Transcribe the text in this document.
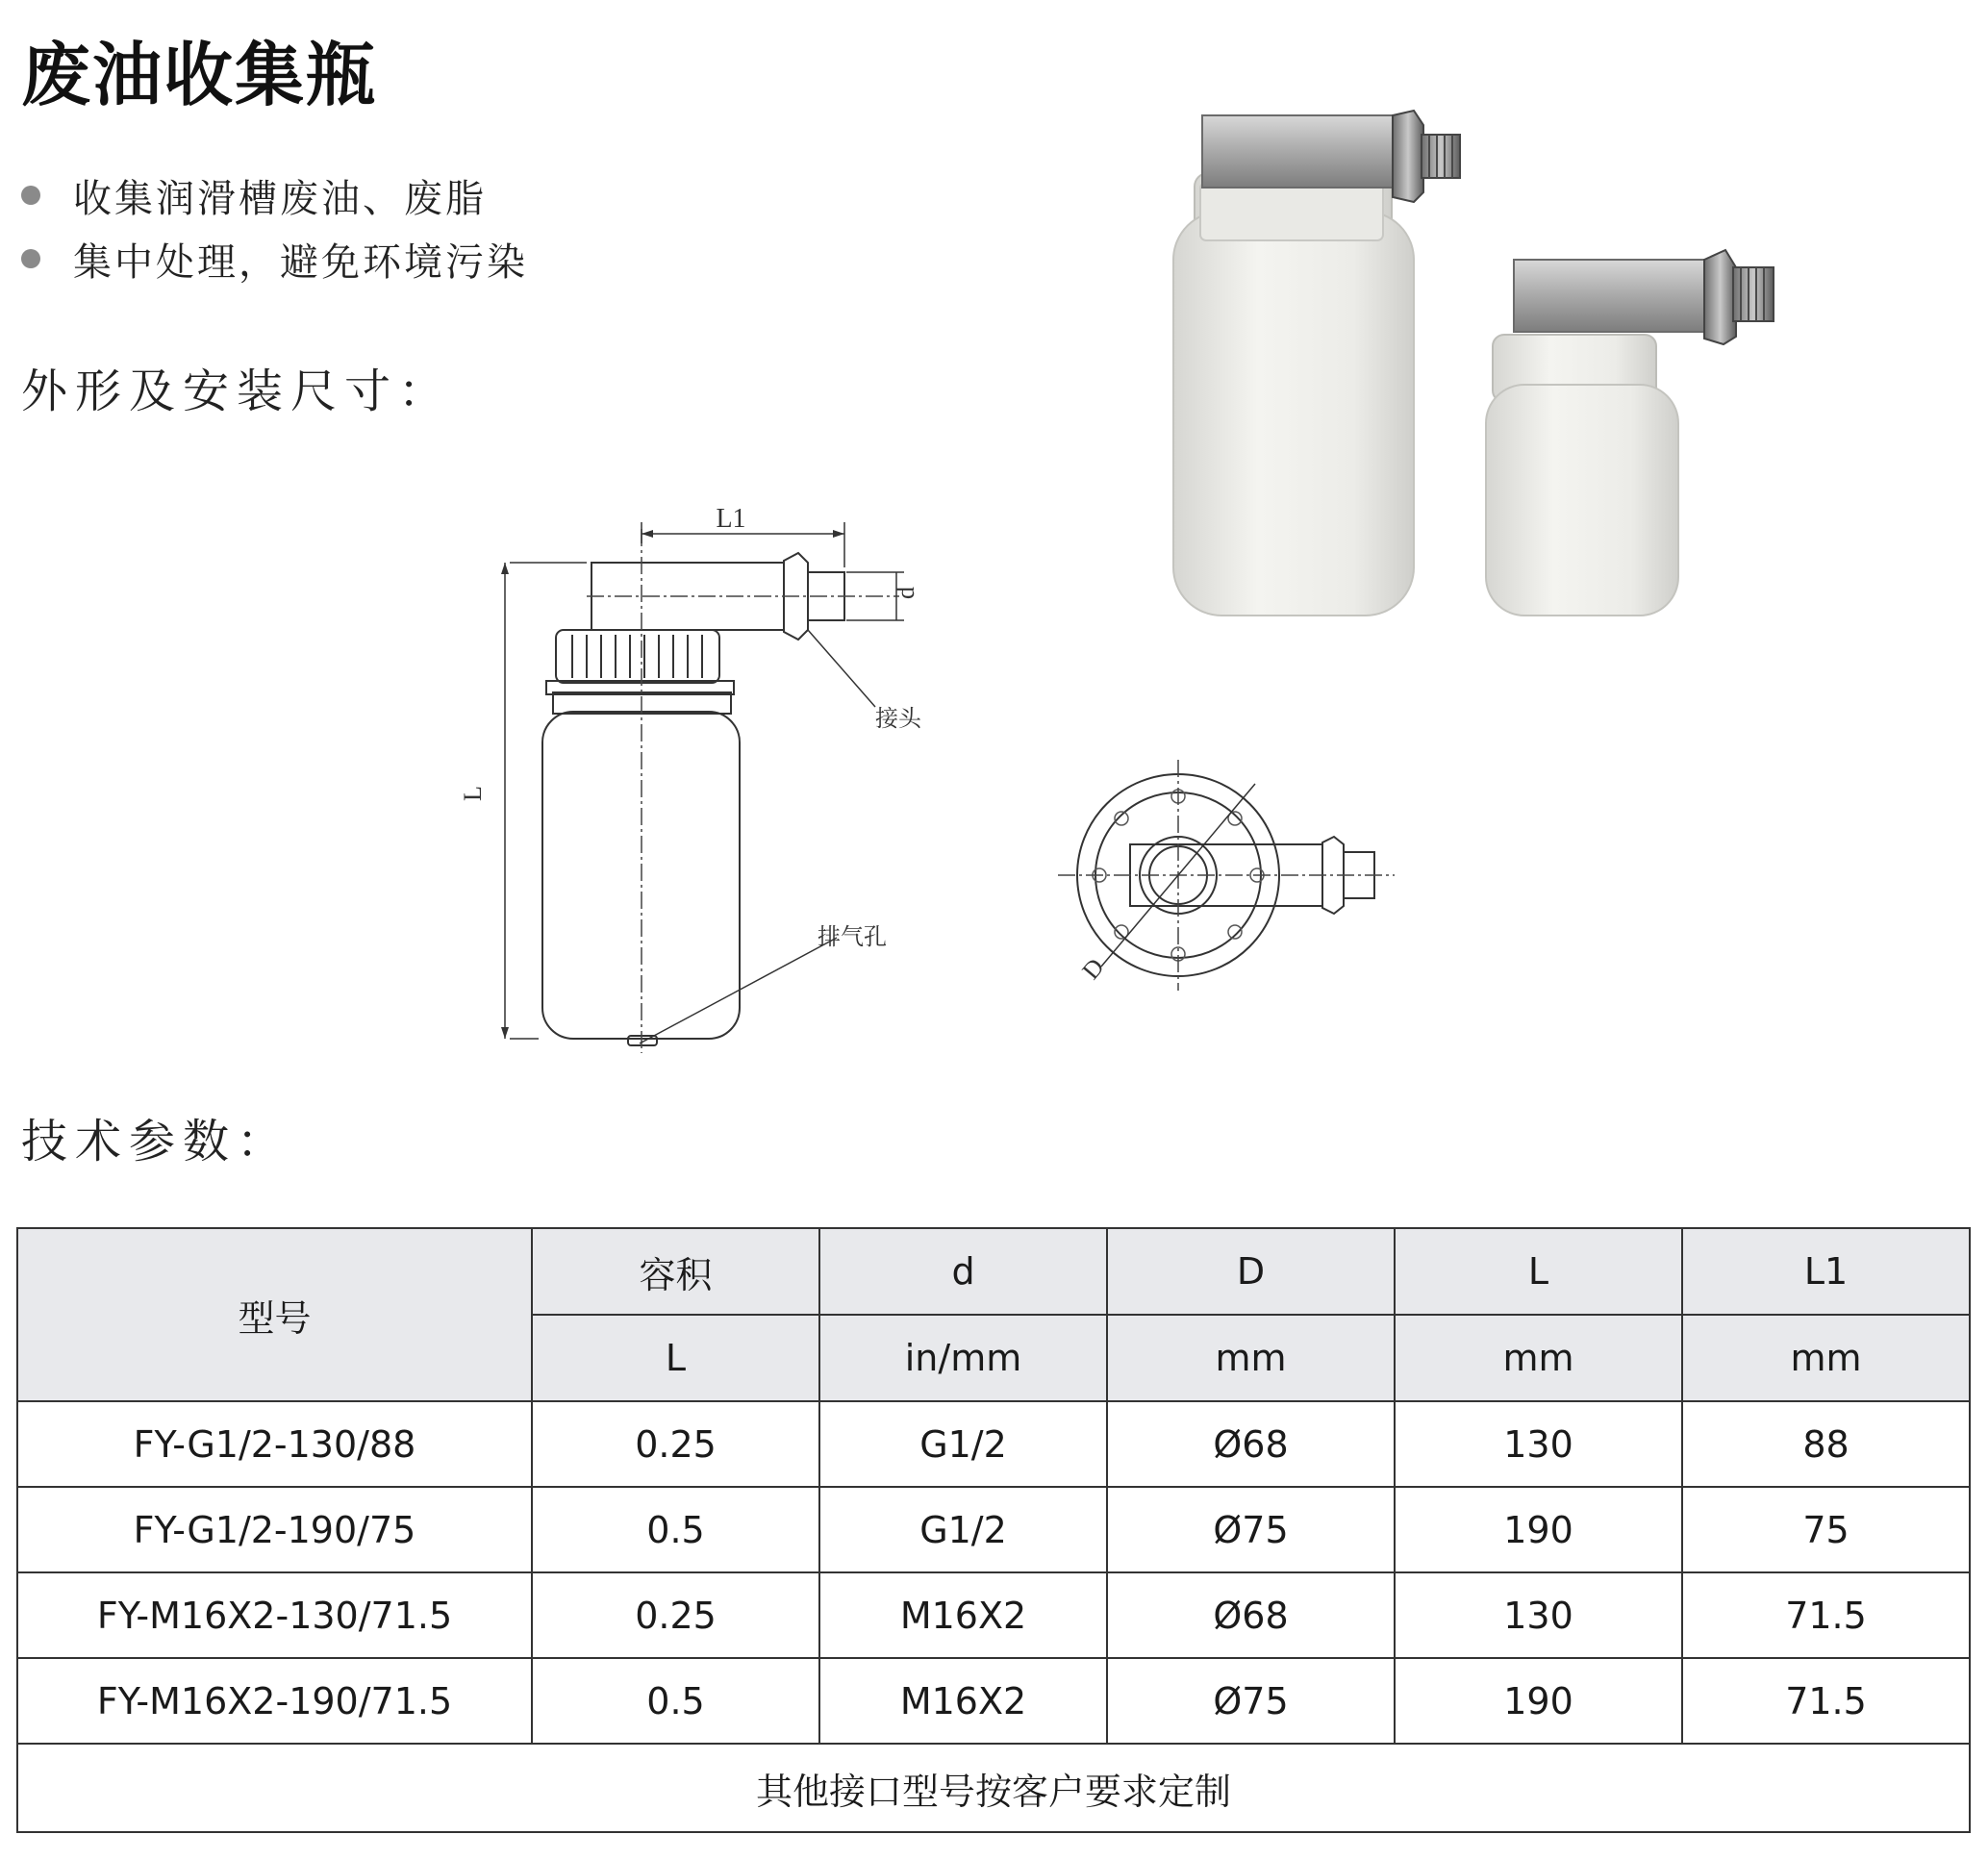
废油收集瓶
收集润滑槽废油、废脂
集中处理，避免环境污染
外形及安装尺寸：
L1
L
d
接头
排气孔
D
技术参数：
型号	容积	d	D	L	L1
	L	in/mm	mm	mm	mm
FY-G1/2-130/88	0.25	G1/2	Ø68	130	88
FY-G1/2-190/75	0.5	G1/2	Ø75	190	75
FY-M16X2-130/71.5	0.25	M16X2	Ø68	130	71.5
FY-M16X2-190/71.5	0.5	M16X2	Ø75	190	71.5
其他接口型号按客户要求定制					
